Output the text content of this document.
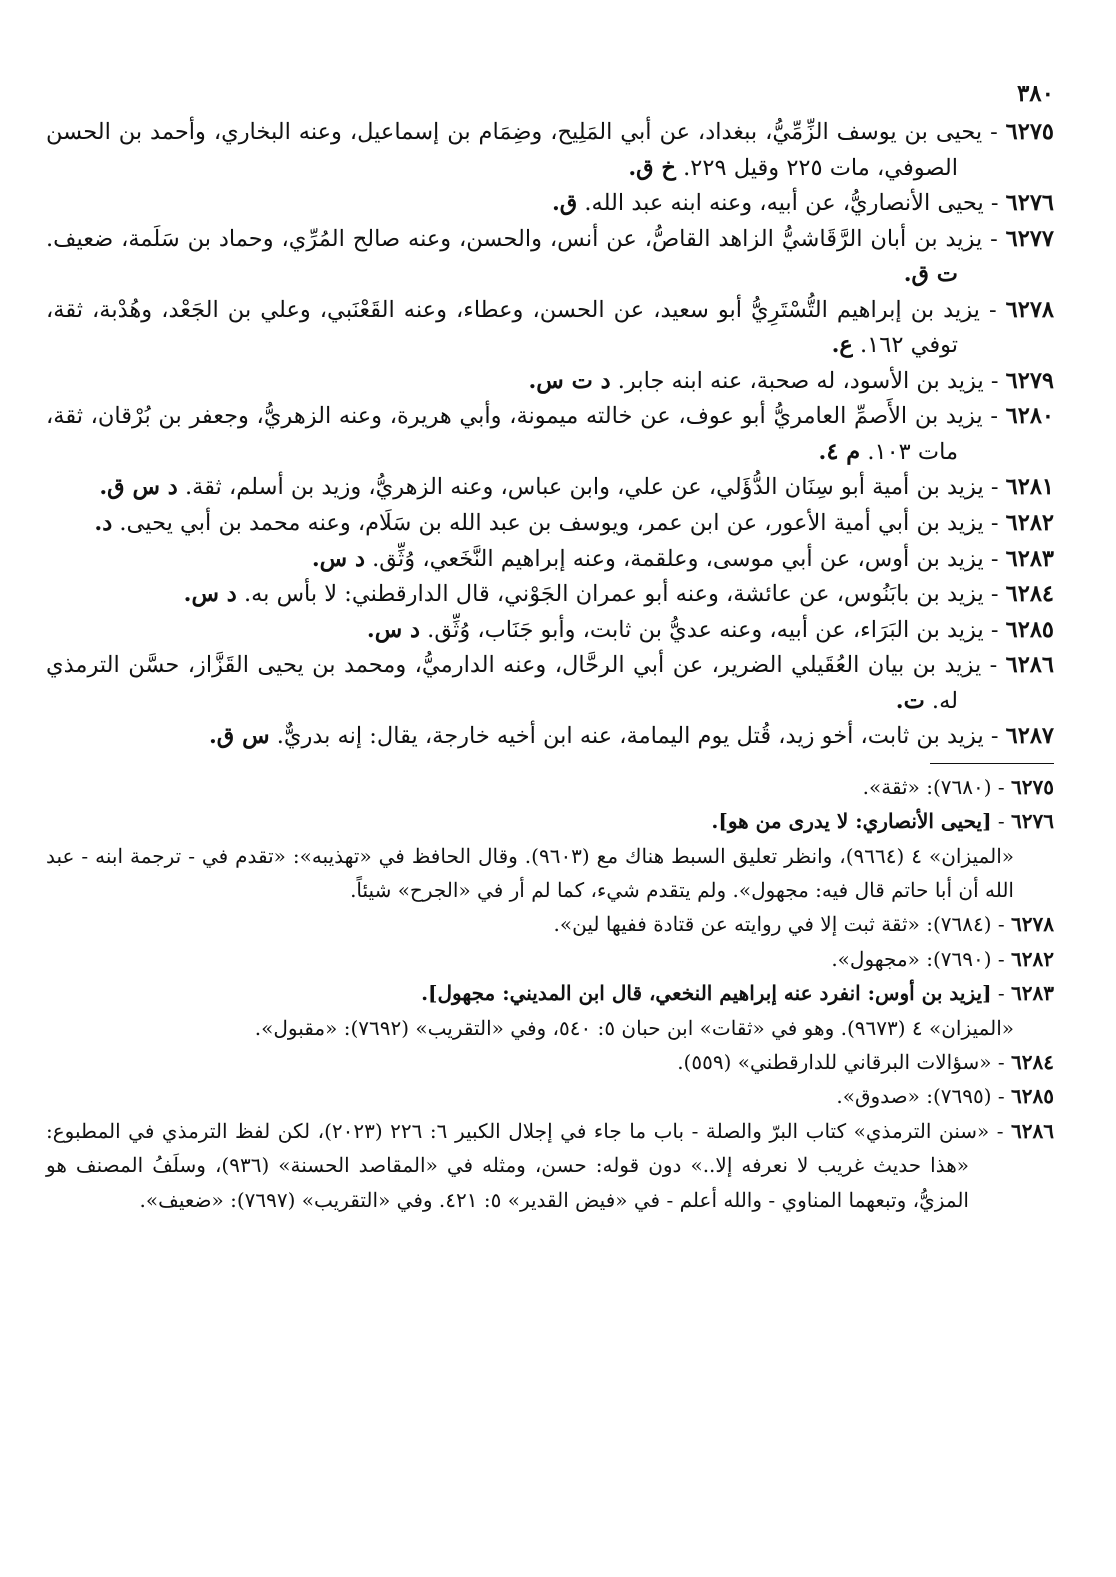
٣٨٠

٦٢٧٥ - يحيى بن يوسف الزِّمِّيُّ، ببغداد، عن أبي المَلِيح، وضِمَام بن إسماعيل، وعنه البخاري، وأحمد بن الحسن الصوفي، مات ٢٢٥ وقيل ٢٢٩. خ ق.

٦٢٧٦ - يحيى الأنصاريُّ، عن أبيه، وعنه ابنه عبد الله. ق.

٦٢٧٧ - يزيد بن أبان الرَّقَاشيُّ الزاهد القاصُّ، عن أنس، والحسن، وعنه صالح المُرِّي، وحماد بن سَلَمة، ضعيف. ت ق.

٦٢٧٨ - يزيد بن إبراهيم التُّسْتَرِيُّ أبو سعيد، عن الحسن، وعطاء، وعنه القَعْنَبي، وعلي بن الجَعْد، وهُدْبة، ثقة، توفي ١٦٢. ع.

٦٢٧٩ - يزيد بن الأسود، له صحبة، عنه ابنه جابر. د ت س.

٦٢٨٠ - يزيد بن الأَصمِّ العامريُّ أبو عوف، عن خالته ميمونة، وأبي هريرة، وعنه الزهريُّ، وجعفر بن بُرْقان، ثقة، مات ١٠٣. م ٤.

٦٢٨١ - يزيد بن أمية أبو سِنَان الدُّؤَلي، عن علي، وابن عباس، وعنه الزهريُّ، وزيد بن أسلم، ثقة. د س ق.

٦٢٨٢ - يزيد بن أبي أمية الأعور، عن ابن عمر، ويوسف بن عبد الله بن سَلَام، وعنه محمد بن أبي يحيى. د.

٦٢٨٣ - يزيد بن أوس، عن أبي موسى، وعلقمة، وعنه إبراهيم النَّخَعي، وُثِّق. د س.

٦٢٨٤ - يزيد بن بابَنُوس، عن عائشة، وعنه أبو عمران الجَوْني، قال الدارقطني: لا بأس به. د س.

٦٢٨٥ - يزيد بن البَرَاء، عن أبيه، وعنه عديُّ بن ثابت، وأبو جَنَاب، وُثِّق. د س.

٦٢٨٦ - يزيد بن بيان العُقَيلي الضرير، عن أبي الرحَّال، وعنه الدارميُّ، ومحمد بن يحيى القَزَّاز، حسَّن الترمذي له. ت.

٦٢٨٧ - يزيد بن ثابت، أخو زيد، قُتل يوم اليمامة، عنه ابن أخيه خارجة، يقال: إنه بدريٌّ. س ق.

٦٢٧٥ - (٧٦٨٠): «ثقة».

٦٢٧٦ - [يحيى الأنصاري: لا يدرى من هو].

«الميزان» ٤ (٩٦٦٤)، وانظر تعليق السبط هناك مع (٩٦٠٣). وقال الحافظ في «تهذيبه»: «تقدم في - ترجمة ابنه - عبد الله أن أبا حاتم قال فيه: مجهول». ولم يتقدم شيء، كما لم أر في «الجرح» شيئاً.

٦٢٧٨ - (٧٦٨٤): «ثقة ثبت إلا في روايته عن قتادة ففيها لين».

٦٢٨٢ - (٧٦٩٠): «مجهول».

٦٢٨٣ - [يزيد بن أوس: انفرد عنه إبراهيم النخعي، قال ابن المديني: مجهول].

«الميزان» ٤ (٩٦٧٣). وهو في «ثقات» ابن حبان ٥: ٥٤٠، وفي «التقريب» (٧٦٩٢): «مقبول».

٦٢٨٤ - «سؤالات البرقاني للدارقطني» (٥٥٩).

٦٢٨٥ - (٧٦٩٥): «صدوق».

٦٢٨٦ - «سنن الترمذي» كتاب البرّ والصلة - باب ما جاء في إجلال الكبير ٦: ٢٢٦ (٢٠٢٣)، لكن لفظ الترمذي في المطبوع: «هذا حديث غريب لا نعرفه إلا..» دون قوله: حسن، ومثله في «المقاصد الحسنة» (٩٣٦)، وسلَفُ المصنف هو المزيُّ، وتبعهما المناوي - والله أعلم - في «فيض القدير» ٥: ٤٢١. وفي «التقريب» (٧٦٩٧): «ضعيف».
